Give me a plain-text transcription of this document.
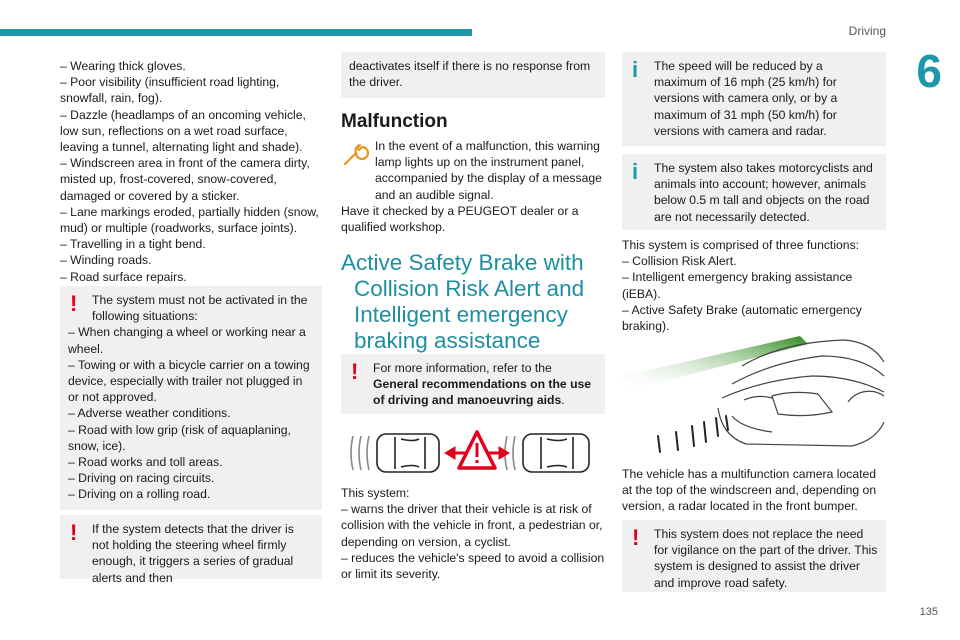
Driving
6
– Wearing thick gloves.
– Poor visibility (insufficient road lighting, snowfall, rain, fog).
– Dazzle (headlamps of an oncoming vehicle, low sun, reflections on a wet road surface, leaving a tunnel, alternating light and shade).
– Windscreen area in front of the camera dirty, misted up, frost-covered, snow-covered, damaged or covered by a sticker.
– Lane markings eroded, partially hidden (snow, mud) or multiple (roadworks, surface joints).
– Travelling in a tight bend.
– Winding roads.
– Road surface repairs.
!	The system must not be activated in the following situations:
– When changing a wheel or working near a wheel.
– Towing or with a bicycle carrier on a towing device, especially with trailer not plugged in or not approved.
– Adverse weather conditions.
– Road with low grip (risk of aquaplaning, snow, ice).
– Road works and toll areas.
– Driving on racing circuits.
– Driving on a rolling road.
!	If the system detects that the driver is not holding the steering wheel firmly enough, it triggers a series of gradual alerts and then
deactivates itself if there is no response from the driver.
Malfunction
In the event of a malfunction, this warning lamp lights up on the instrument panel, accompanied by the display of a message and an audible signal.
Have it checked by a PEUGEOT dealer or a qualified workshop.
Active Safety Brake with
Collision Risk Alert and Intelligent emergency braking assistance
!	For more information, refer to the General recommendations on the use of driving and manoeuvring aids.
This system:
– warns the driver that their vehicle is at risk of collision with the vehicle in front, a pedestrian or, depending on version, a cyclist.
– reduces the vehicle's speed to avoid a collision or limit its severity.
i	The speed will be reduced by a maximum of 16 mph (25 km/h) for versions with camera only, or by a maximum of 31 mph (50 km/h) for versions with camera and radar.
i	The system also takes motorcyclists and animals into account; however, animals below 0.5 m tall and objects on the road are not necessarily detected.
This system is comprised of three functions:
– Collision Risk Alert.
– Intelligent emergency braking assistance (iEBA).
– Active Safety Brake (automatic emergency braking).
The vehicle has a multifunction camera located at the top of the windscreen and, depending on version, a radar located in the front bumper.
!	This system does not replace the need for vigilance on the part of the driver. This system is designed to assist the driver and improve road safety.
135
